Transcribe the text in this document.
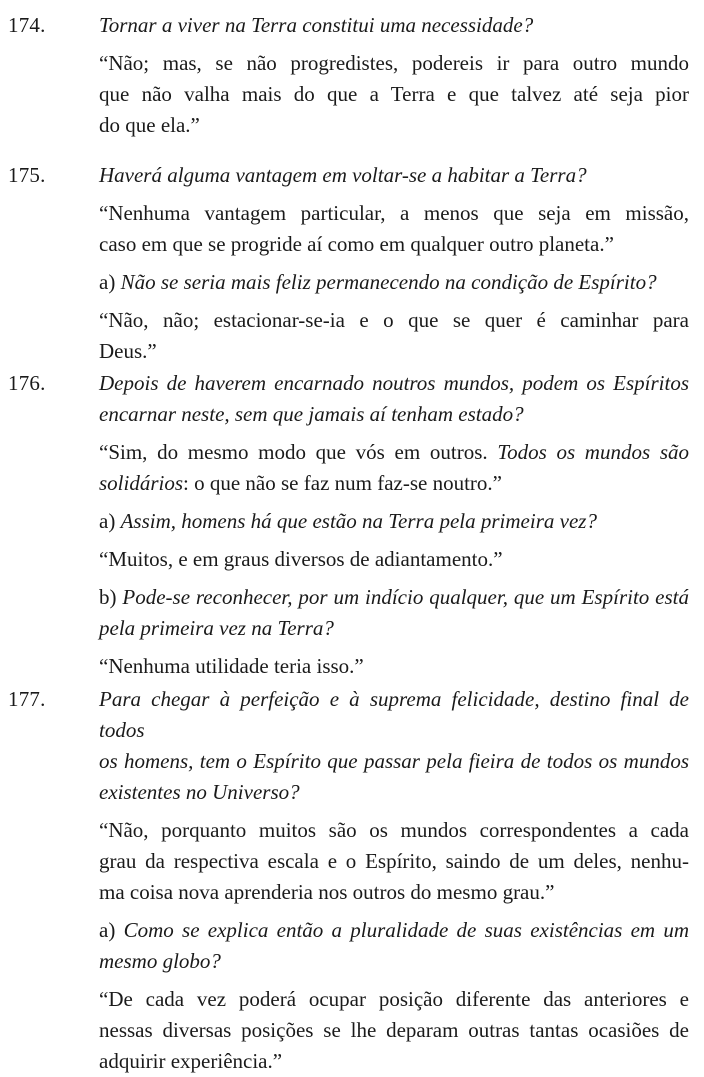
174.	Tornar a viver na Terra constitui uma necessidade?
“Não; mas, se não progredistes, podereis ir para outro mundo
que não valha mais do que a Terra e que talvez até seja pior
do que ela.”
175.	Haverá alguma vantagem em voltar-se a habitar a Terra?
“Nenhuma vantagem particular, a menos que seja em missão,
caso em que se progride aí como em qualquer outro planeta.”
a) Não se seria mais feliz permanecendo na condição de Espírito?
“Não, não; estacionar-se-ia e o que se quer é caminhar para
Deus.”
176.	Depois de haverem encarnado noutros mundos, podem os Espíritos
encarnar neste, sem que jamais aí tenham estado?
“Sim, do mesmo modo que vós em outros. Todos os mundos são
solidários: o que não se faz num faz-se noutro.”
a) Assim, homens há que estão na Terra pela primeira vez?
“Muitos, e em graus diversos de adiantamento.”
b) Pode-se reconhecer, por um indício qualquer, que um Espírito está
pela primeira vez na Terra?
“Nenhuma utilidade teria isso.”
177.	Para chegar à perfeição e à suprema felicidade, destino final de todos
os homens, tem o Espírito que passar pela fieira de todos os mundos
existentes no Universo?
“Não, porquanto muitos são os mundos correspondentes a cada
grau da respectiva escala e o Espírito, saindo de um deles, nenhu-
ma coisa nova aprenderia nos outros do mesmo grau.”
a) Como se explica então a pluralidade de suas existências em um
mesmo globo?
“De cada vez poderá ocupar posição diferente das anteriores e
nessas diversas posições se lhe deparam outras tantas ocasiões de
adquirir experiência.”
